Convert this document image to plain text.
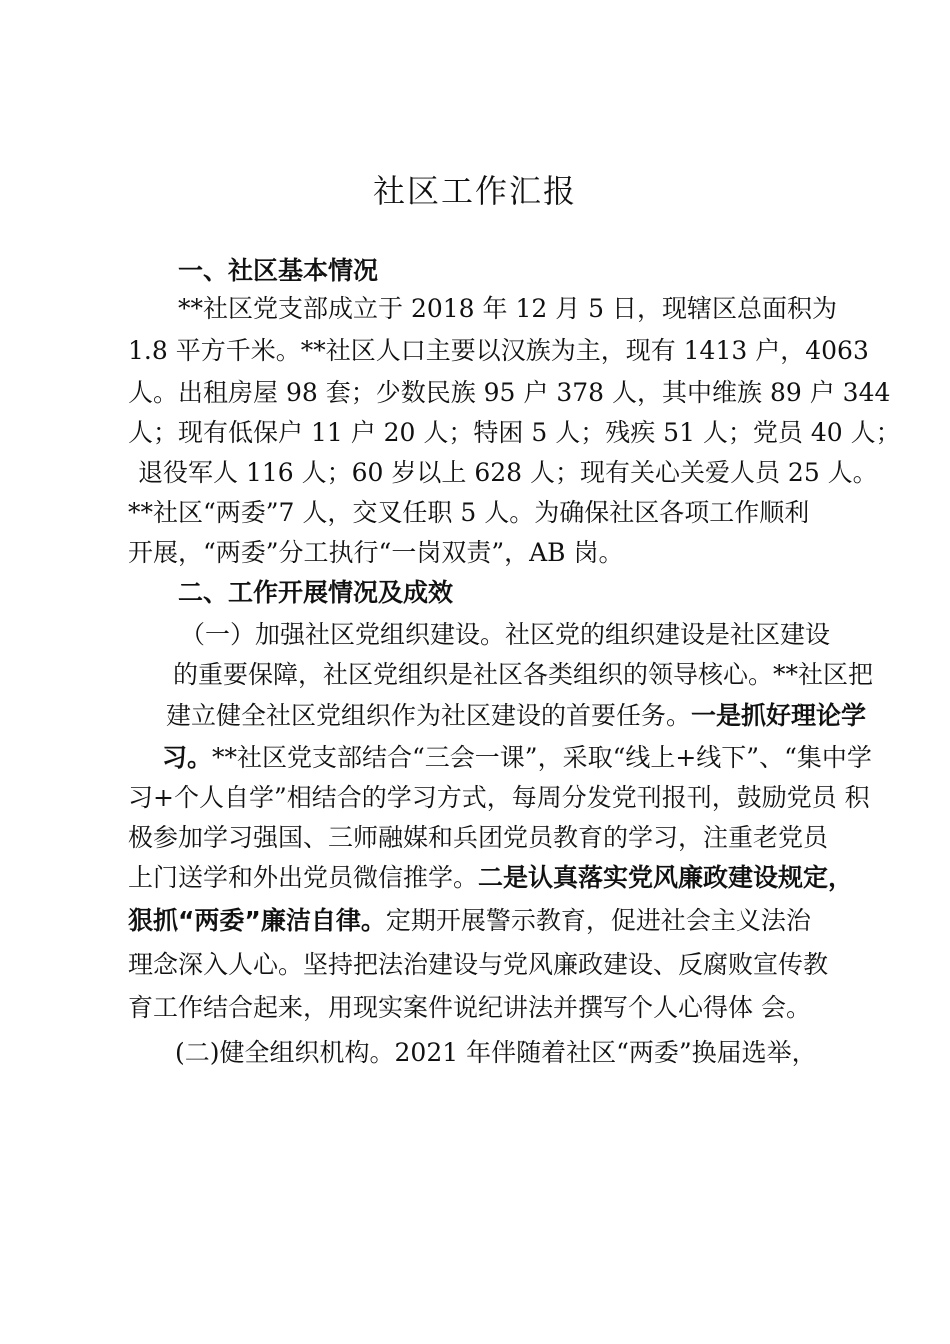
社区工作汇报
一、社区基本情况
**社区党支部成立于 2018 年 12 月 5 日，现辖区总面积为
1.8 平方千米。**社区人口主要以汉族为主，现有 1413 户，4063
人。出租房屋 98 套；少数民族 95 户 378 人，其中维族 89 户 344
人；现有低保户 11 户 20 人；特困 5 人；残疾 51 人；党员 40 人；
退役军人 116 人；60 岁以上 628 人；现有关心关爱人员 25 人。
**社区“两委”7 人，交叉任职 5 人。为确保社区各项工作顺利
开展，“两委”分工执行“一岗双责”，AB 岗。
二、工作开展情况及成效
（一）加强社区党组织建设。社区党的组织建设是社区建设
的重要保障，社区党组织是社区各类组织的领导核心。**社区把
建立健全社区党组织作为社区建设的首要任务。一是抓好理论学
习。**社区党支部结合“三会一课”，采取“线上+线下”、“集中学
习+个人自学”相结合的学习方式，每周分发党刊报刊，鼓励党员 积
极参加学习强国、三师融媒和兵团党员教育的学习，注重老党员
上门送学和外出党员微信推学。二是认真落实党风廉政建设规定，
狠抓“两委”廉洁自律。定期开展警示教育，促进社会主义法治
理念深入人心。坚持把法治建设与党风廉政建设、反腐败宣传教
育工作结合起来，用现实案件说纪讲法并撰写个人心得体 会。
(二)健全组织机构。2021 年伴随着社区“两委”换届选举，
